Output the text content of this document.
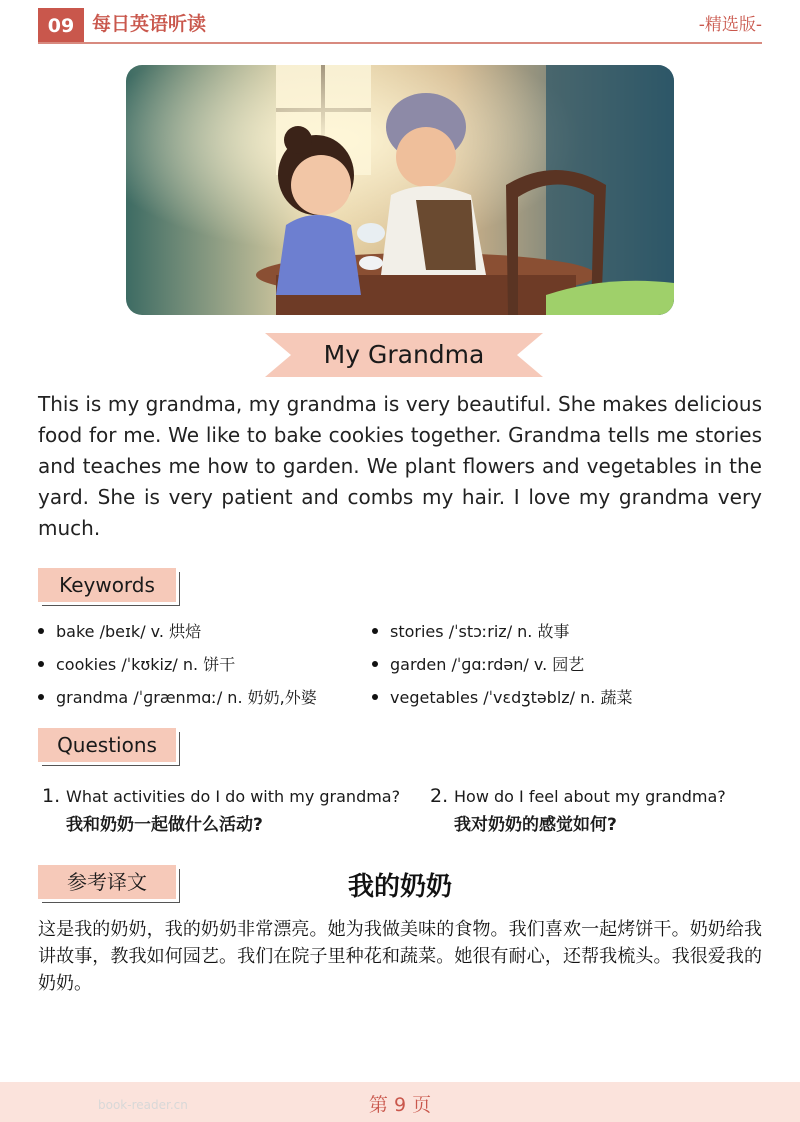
09 每日英语听读	-精选版-
My Grandma
This is my grandma, my grandma is very beautiful. She makes delicious food for me. We like to bake cookies together. Grandma tells me stories and teaches me how to garden. We plant flowers and vegetables in the yard. She is very patient and combs my hair. I love my grandma very much.
Keywords
bake /beɪk/ v. 烘焙
cookies /ˈkʊkiz/ n. 饼干
grandma /ˈɡrænmɑː/ n. 奶奶,外婆
stories /ˈstɔːriz/ n. 故事
garden /ˈɡɑːrdən/ v. 园艺
vegetables /ˈvɛdʒtəblz/ n. 蔬菜
Questions
1. What activities do I do with my grandma?
我和奶奶一起做什么活动?
2. How do I feel about my grandma?
我对奶奶的感觉如何?
参考译文	我的奶奶
这是我的奶奶，我的奶奶非常漂亮。她为我做美味的食物。我们喜欢一起烤饼干。奶奶给我讲故事，教我如何园艺。我们在院子里种花和蔬菜。她很有耐心，还帮我梳头。我很爱我的奶奶。
book-reader.cn	第 9 页
